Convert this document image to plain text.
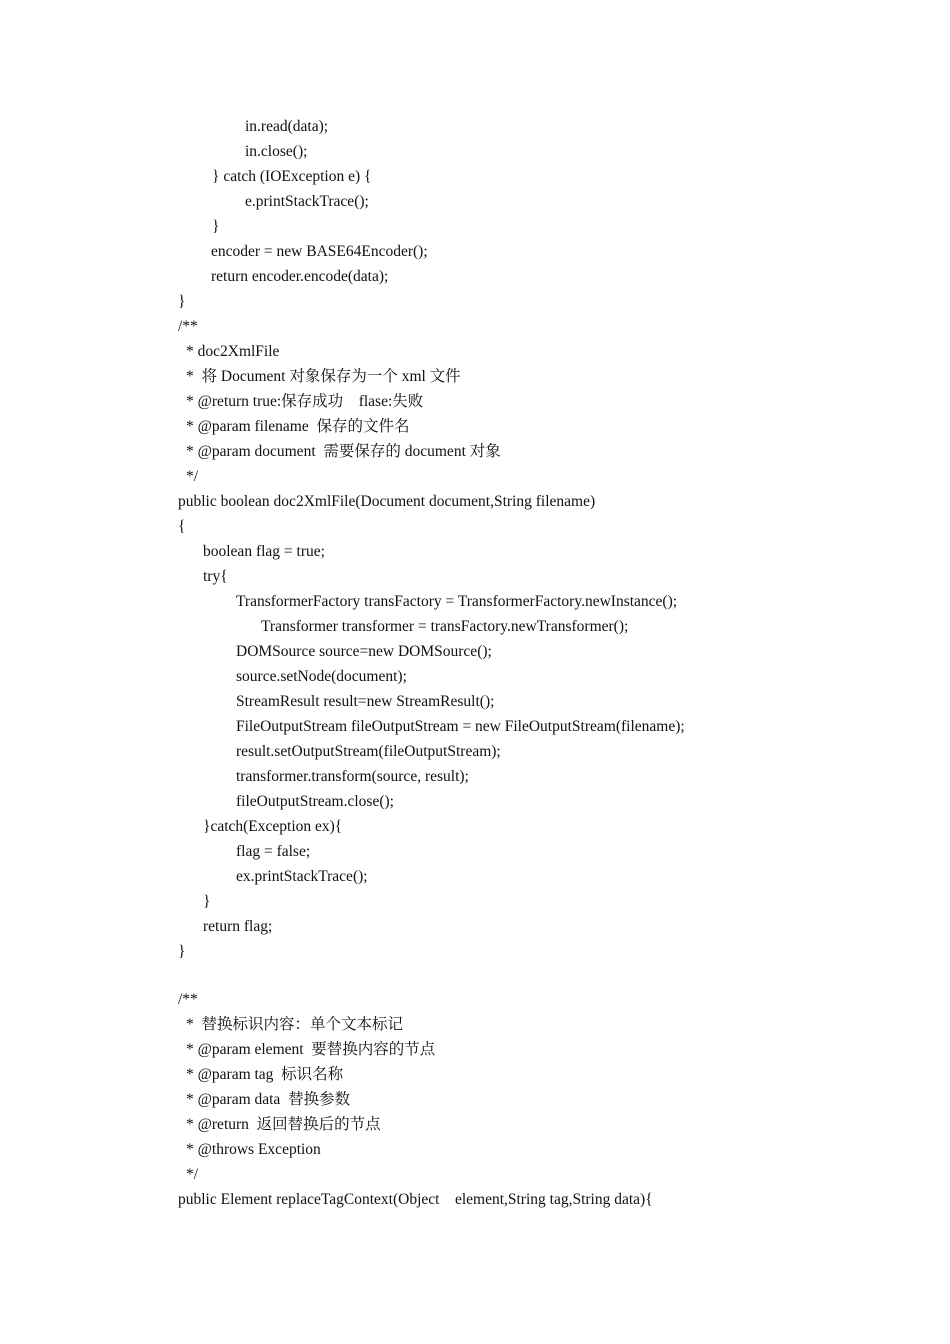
in.read(data);
in.close();
} catch (IOException e) {
e.printStackTrace();
}
encoder = new BASE64Encoder();
return encoder.encode(data);
}
/**
* doc2XmlFile
*  将 Document 对象保存为一个 xml 文件
* @return true:保存成功    flase:失败
* @param filename  保存的文件名
* @param document  需要保存的 document 对象
*/
public boolean doc2XmlFile(Document document,String filename)
{
boolean flag = true;
try{
TransformerFactory transFactory = TransformerFactory.newInstance();
Transformer transformer = transFactory.newTransformer();
DOMSource source=new DOMSource();
source.setNode(document);
StreamResult result=new StreamResult();
FileOutputStream fileOutputStream = new FileOutputStream(filename);
result.setOutputStream(fileOutputStream);
transformer.transform(source, result);
fileOutputStream.close();
}catch(Exception ex){
flag = false;
ex.printStackTrace();
}
return flag;
}
/**
*  替换标识内容：单个文本标记
* @param element  要替换内容的节点
* @param tag  标识名称
* @param data  替换参数
* @return  返回替换后的节点
* @throws Exception
*/
public Element replaceTagContext(Object    element,String tag,String data){
